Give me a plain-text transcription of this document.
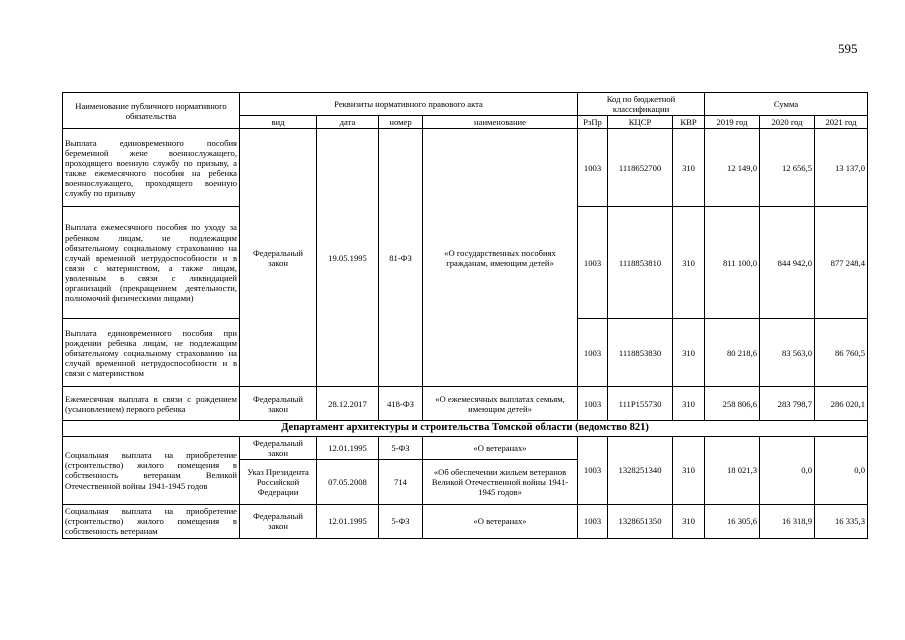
595
Наименование публичного нормативного обязательства	Реквизиты нормативного правового акта				Код по бюджетной классификации			Сумма		
	вид	дата	номер	наименование	РзПр	КЦСР	КВР	2019 год	2020 год	2021 год
Выплата единовременного пособия беременной жене военнослужащего, проходящего военную службу по призыву, а также ежемесячного пособия на ребенка военнослужащего, проходящего военную службу по призыву	Федеральный закон	19.05.1995	81-ФЗ	«О государственных пособиях гражданам, имеющим детей»	1003	1118652700	310	12 149,0	12 656,5	13 137,0
Выплата ежемесячного пособия по уходу за ребенком лицам, не подлежащим обязательному социальному страхованию на случай временной нетрудоспособности и в связи с материнством, а также лицам, уволенным в связи с ликвидацией организаций (прекращением деятельности, полномочий физическими лицами)					1003	1118853810	310	811 100,0	844 942,0	877 248,4
Выплата единовременного пособия при рождении ребенка лицам, не подлежащим обязательному социальному страхованию на случай временной нетрудоспособности и в связи с материнством					1003	1118853830	310	80 218,6	83 563,0	86 760,5
Ежемесячная выплата в связи с рождением (усыновлением) первого ребенка	Федеральный закон	28.12.2017	418-ФЗ	«О ежемесячных выплатах семьям, имеющим детей»	1003	111P155730	310	258 806,6	283 798,7	286 020,1
Департамент архитектуры и строительства Томской области (ведомство 821)										
Социальная выплата на приобретение (строительство) жилого помещения в собственность ветеранам Великой Отечественной войны 1941-1945 годов	Федеральный закон	12.01.1995	5-ФЗ	«О ветеранах»	1003	1328251340	310	18 021,3	0,0	0,0
	Указ Президента Российской Федерации	07.05.2008	714	«Об обеспечении жильем ветеранов Великой Отечественной войны 1941-1945 годов»						
Социальная выплата на приобретение (строительство) жилого помещения в собственность ветеранам	Федеральный закон	12.01.1995	5-ФЗ	«О ветеранах»	1003	1328651350	310	16 305,6	16 318,9	16 335,3
